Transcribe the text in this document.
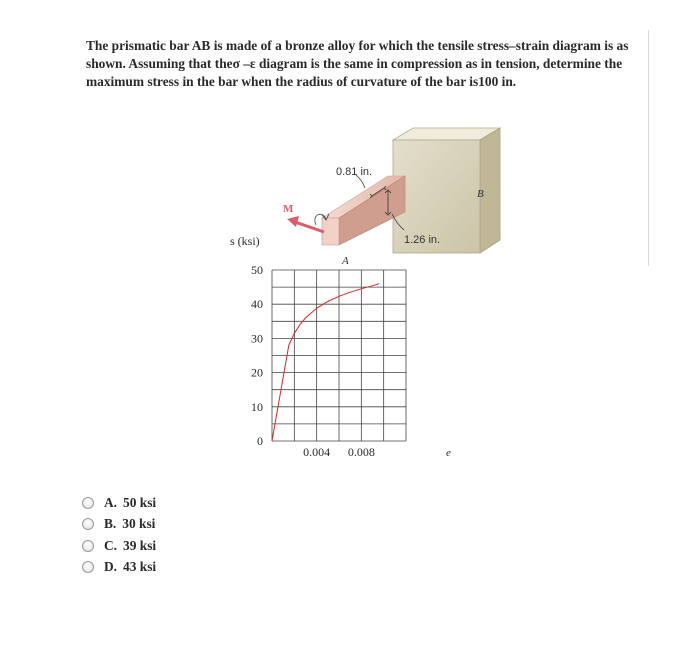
The prismatic bar AB is made of a bronze alloy for which the tensile stress–strain diagram is as shown. Assuming that theσ –ε diagram is the same in compression as in tension, determine the maximum stress in the bar when the radius of curvature of the bar is100 in.
0.81 in.
1.26 in.
M
A
B
0
10
20
30
40
50
0.004 0.008
s (ksi)
e
A. 50 ksi
B. 30 ksi
C. 39 ksi
D. 43 ksi
